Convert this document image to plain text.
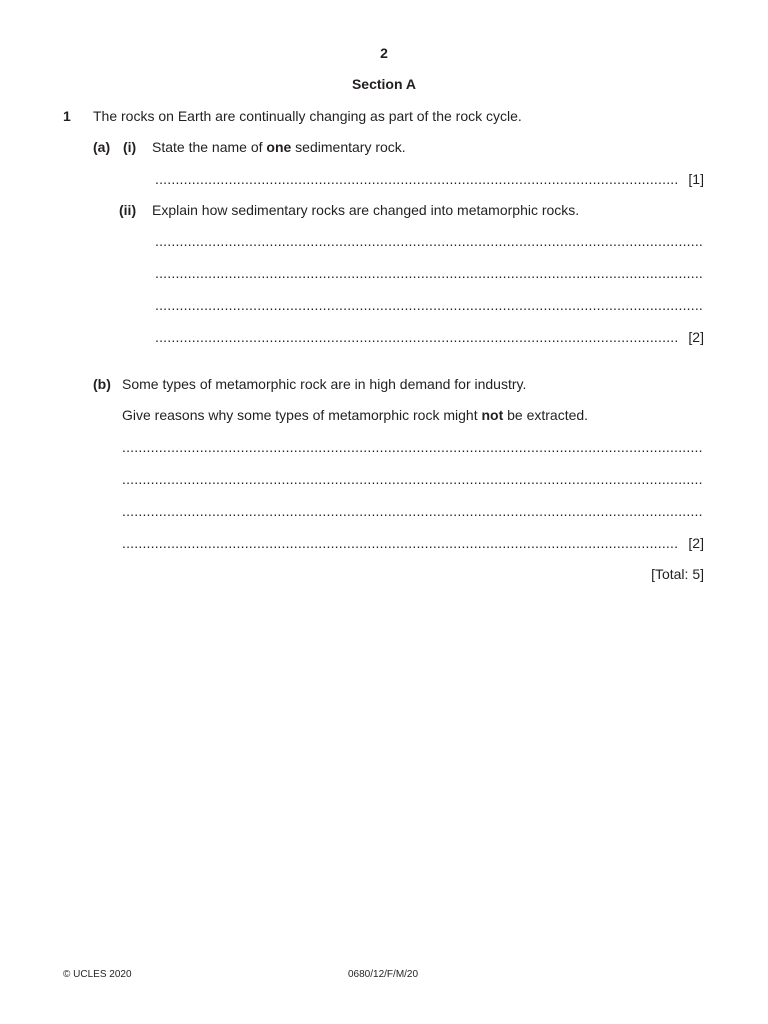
2
Section A
1 The rocks on Earth are continually changing as part of the rock cycle.
(a) (i) State the name of one sedimentary rock.
.....
[1]
(ii) Explain how sedimentary rocks are changed into metamorphic rocks.
.....
.....
.....
.....
[2]
(b) Some types of metamorphic rock are in high demand for industry.
Give reasons why some types of metamorphic rock might not be extracted.
.....
.....
.....
.....
[2]
[Total: 5]
© UCLES 2020	0680/12/F/M/20
